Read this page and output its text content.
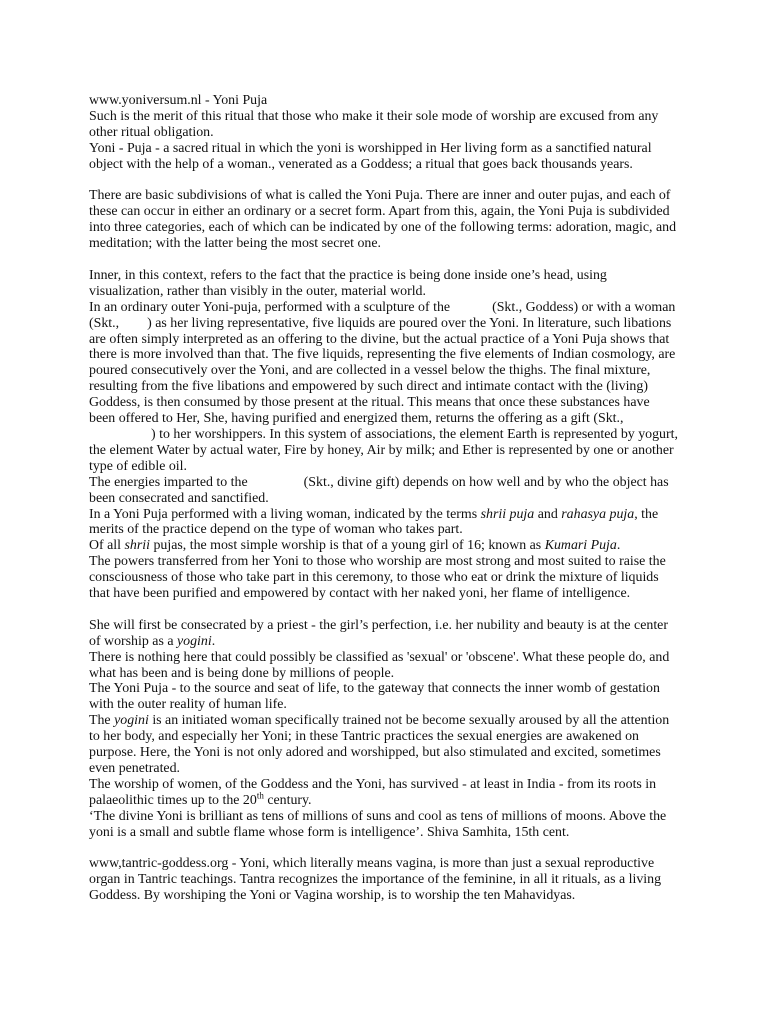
www.yoniversum.nl - Yoni Puja

Such is the merit of this ritual that those who make it their sole mode of worship are excused from any other ritual obligation.

Yoni - Puja - a sacred ritual in which the yoni is worshipped in Her living form as a sanctified natural object with the help of a woman., venerated as a Goddess; a ritual that goes back thousands years.

There are basic subdivisions of what is called the Yoni Puja. There are inner and outer pujas, and each of these can occur in either an ordinary or a secret form. Apart from this, again, the Yoni Puja is subdivided into three categories, each of which can be indicated by one of the following terms: adoration, magic, and meditation; with the latter being the most secret one.

Inner, in this context, refers to the fact that the practice is being done inside one’s head, using visualization, rather than visibly in the outer, material world.

In an ordinary outer Yoni-puja, performed with a sculpture of the	(Skt., Goddess) or with a woman (Skt., ) as her living representative, five liquids are poured over the Yoni. In literature, such libations are often simply interpreted as an offering to the divine, but the actual practice of a Yoni Puja shows that there is more involved than that. The five liquids, representing the five elements of Indian cosmology, are poured consecutively over the Yoni, and are collected in a vessel below the thighs. The final mixture, resulting from the five libations and empowered by such direct and intimate contact with the (living) Goddess, is then consumed by those present at the ritual. This means that once these substances have been offered to Her, She, having purified and energized them, returns the offering as a gift (Skt.,) to her worshippers. In this system of associations, the element Earth is represented by yogurt, the element Water by actual water, Fire by honey, Air by milk; and Ether is represented by one or another type of edible oil.

The energies imparted to the	(Skt., divine gift) depends on how well and by who the object has been consecrated and sanctified.

In a Yoni Puja performed with a living woman, indicated by the terms shrii puja and rahasya puja, the merits of the practice depend on the type of woman who takes part.

Of all shrii pujas, the most simple worship is that of a young girl of 16; known as Kumari Puja.

The powers transferred from her Yoni to those who worship are most strong and most suited to raise the consciousness of those who take part in this ceremony, to those who eat or drink the mixture of liquids that have been purified and empowered by contact with her naked yoni, her flame of intelligence.

She will first be consecrated by a priest - the girl’s perfection, i.e. her nubility and beauty is at the center of worship as a yogini.

There is nothing here that could possibly be classified as 'sexual' or 'obscene'. What these people do, and what has been and is being done by millions of people.

The Yoni Puja - to the source and seat of life, to the gateway that connects the inner womb of gestation with the outer reality of human life.

The yogini is an initiated woman specifically trained not be become sexually aroused by all the attention to her body, and especially her Yoni; in these Tantric practices the sexual energies are awakened on purpose. Here, the Yoni is not only adored and worshipped, but also stimulated and excited, sometimes even penetrated.

The worship of women, of the Goddess and the Yoni, has survived - at least in India - from its roots in palaeolithic times up to the 20th century.

‘The divine Yoni is brilliant as tens of millions of suns and cool as tens of millions of moons. Above the yoni is a small and subtle flame whose form is intelligence’. Shiva Samhita, 15th cent.

www,tantric-goddess.org - Yoni, which literally means vagina, is more than just a sexual reproductive organ in Tantric teachings. Tantra recognizes the importance of the feminine, in all it rituals, as a living Goddess. By worshiping the Yoni or Vagina worship, is to worship the ten Mahavidyas.
